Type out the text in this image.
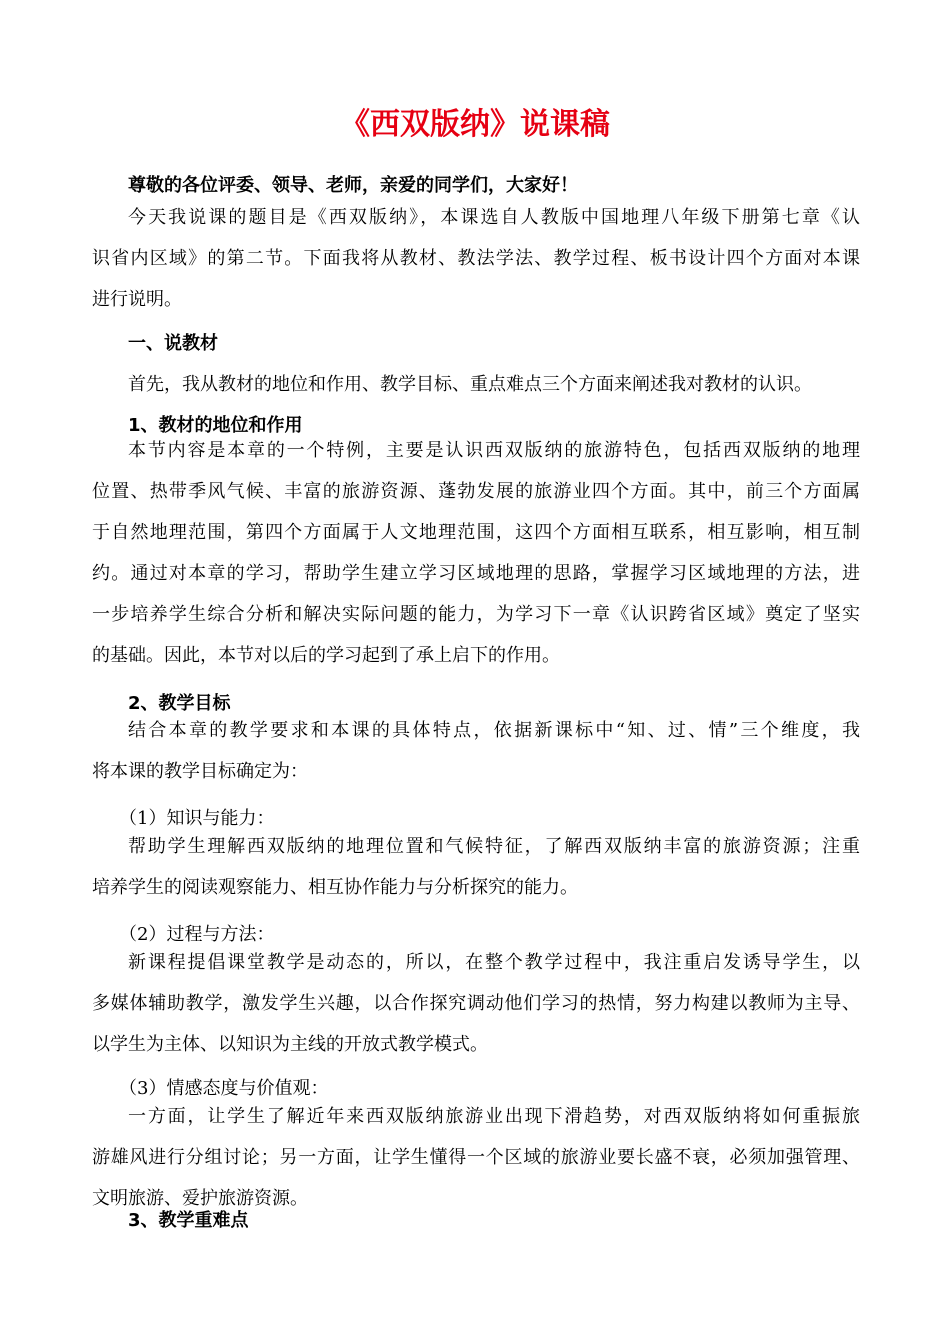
《西双版纳》说课稿
尊敬的各位评委、领导、老师，亲爱的同学们，大家好！
今天我说课的题目是《西双版纳》，本课选自人教版中国地理八年级下册第七章《认
识省内区域》的第二节。下面我将从教材、教法学法、教学过程、板书设计四个方面对本课
进行说明。
一、说教材
首先，我从教材的地位和作用、教学目标、重点难点三个方面来阐述我对教材的认识。
1、教材的地位和作用
本节内容是本章的一个特例，主要是认识西双版纳的旅游特色，包括西双版纳的地理
位置、热带季风气候、丰富的旅游资源、蓬勃发展的旅游业四个方面。其中，前三个方面属
于自然地理范围，第四个方面属于人文地理范围，这四个方面相互联系，相互影响，相互制
约。通过对本章的学习，帮助学生建立学习区域地理的思路，掌握学习区域地理的方法，进
一步培养学生综合分析和解决实际问题的能力，为学习下一章《认识跨省区域》奠定了坚实
的基础。因此，本节对以后的学习起到了承上启下的作用。
2、教学目标
结合本章的教学要求和本课的具体特点，依据新课标中“知、过、情”三个维度，我
将本课的教学目标确定为：
（1）知识与能力：
帮助学生理解西双版纳的地理位置和气候特征，了解西双版纳丰富的旅游资源；注重
培养学生的阅读观察能力、相互协作能力与分析探究的能力。
（2）过程与方法：
新课程提倡课堂教学是动态的，所以，在整个教学过程中，我注重启发诱导学生，以
多媒体辅助教学，激发学生兴趣，以合作探究调动他们学习的热情，努力构建以教师为主导、
以学生为主体、以知识为主线的开放式教学模式。
（3）情感态度与价值观：
一方面，让学生了解近年来西双版纳旅游业出现下滑趋势，对西双版纳将如何重振旅
游雄风进行分组讨论；另一方面，让学生懂得一个区域的旅游业要长盛不衰，必须加强管理、
文明旅游、爱护旅游资源。
3、教学重难点
